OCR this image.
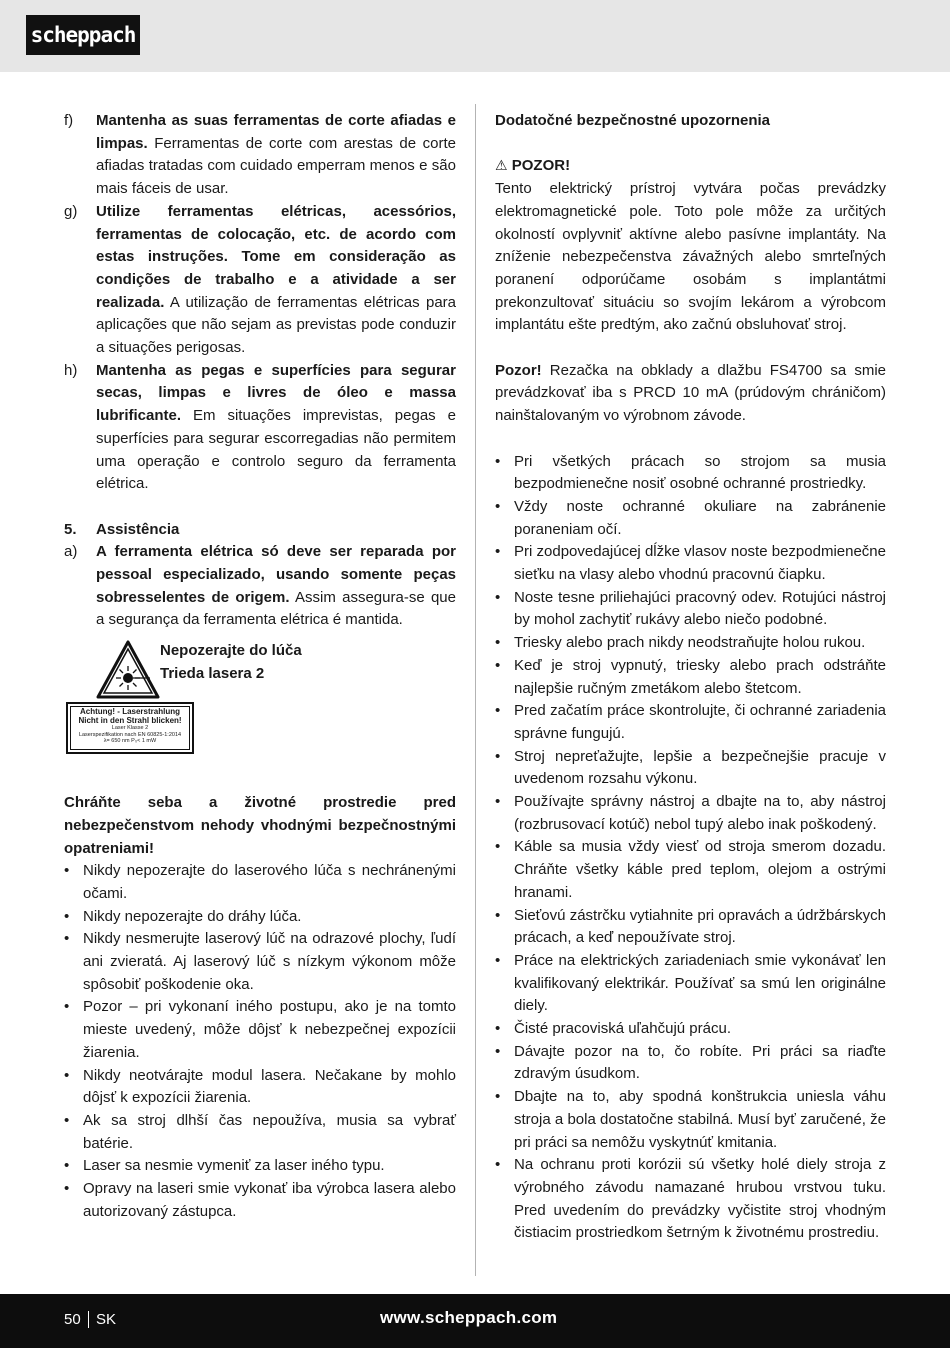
scheppach
f)	Mantenha as suas ferramentas de corte afiadas e limpas. Ferramentas de corte com arestas de corte afiadas tratadas com cuidado emperram menos e são mais fáceis de usar.
g)	Utilize ferramentas elétricas, acessórios, ferramentas de colocação, etc. de acordo com estas instruções. Tome em consideração as condições de trabalho e a atividade a ser realizada. A utilização de ferramentas elétricas para aplicações que não sejam as previstas pode conduzir a situações perigosas.
h)	Mantenha as pegas e superfícies para segurar secas, limpas e livres de óleo e massa lubrificante. Em situações imprevistas, pegas e superfícies para segurar escorregadias não permitem uma operação e controlo seguro da ferramenta elétrica.
5.	Assistência
a)	A ferramenta elétrica só deve ser reparada por pessoal especializado, usando somente peças sobresselentes de origem. Assim assegura-se que a segurança da ferramenta elétrica é mantida.
Nepozerajte do lúča
Trieda lasera 2
Achtung! - Laserstrahlung
Nicht in den Strahl blicken!
Laser Klasse 2
Laserspezifikation nach EN 60825-1:2014
λ= 650 nm P₀< 1 mW
Chráňte seba a životné prostredie pred nebezpečenstvom nehody vhodnými bezpečnostnými opatreniami!
• Nikdy nepozerajte do laserového lúča s nechránenými očami.
• Nikdy nepozerajte do dráhy lúča.
• Nikdy nesmerujte laserový lúč na odrazové plochy, ľudí ani zvieratá. Aj laserový lúč s nízkym výkonom môže spôsobiť poškodenie oka.
• Pozor – pri vykonaní iného postupu, ako je na tomto mieste uvedený, môže dôjsť k nebezpečnej expozícii žiarenia.
• Nikdy neotvárajte modul lasera. Nečakane by mohlo dôjsť k expozícii žiarenia.
• Ak sa stroj dlhší čas nepoužíva, musia sa vybrať batérie.
• Laser sa nesmie vymeniť za laser iného typu.
• Opravy na laseri smie vykonať iba výrobca lasera alebo autorizovaný zástupca.
Dodatočné bezpečnostné upozornenia
⚠ POZOR!
Tento elektrický prístroj vytvára počas prevádzky elektromagnetické pole. Toto pole môže za určitých okolností ovplyvniť aktívne alebo pasívne implantáty. Na zníženie nebezpečenstva závažných alebo smrteľných poranení odporúčame osobám s implantátmi prekonzultovať situáciu so svojím lekárom a výrobcom implantátu ešte predtým, ako začnú obsluhovať stroj.
Pozor! Rezačka na obklady a dlažbu FS4700 sa smie prevádzkovať iba s PRCD 10 mA (prúdovým chráničom) nainštalovaným vo výrobnom závode.
• Pri všetkých prácach so strojom sa musia bezpodmienečne nosiť osobné ochranné prostriedky.
• Vždy noste ochranné okuliare na zabránenie poraneniam očí.
• Pri zodpovedajúcej dĺžke vlasov noste bezpodmienečne sieťku na vlasy alebo vhodnú pracovnú čiapku.
• Noste tesne priliehajúci pracovný odev. Rotujúci nástroj by mohol zachytiť rukávy alebo niečo podobné.
• Triesky alebo prach nikdy neodstraňujte holou rukou.
• Keď je stroj vypnutý, triesky alebo prach odstráňte najlepšie ručným zmetákom alebo štetcom.
• Pred začatím práce skontrolujte, či ochranné zariadenia správne fungujú.
• Stroj nepreťažujte, lepšie a bezpečnejšie pracuje v uvedenom rozsahu výkonu.
• Používajte správny nástroj a dbajte na to, aby nástroj (rozbrusovací kotúč) nebol tupý alebo inak poškodený.
• Káble sa musia vždy viesť od stroja smerom dozadu. Chráňte všetky káble pred teplom, olejom a ostrými hranami.
• Sieťovú zástrčku vytiahnite pri opravách a údržbárskych prácach, a keď nepoužívate stroj.
• Práce na elektrických zariadeniach smie vykonávať len kvalifikovaný elektrikár. Používať sa smú len originálne diely.
• Čisté pracoviská uľahčujú prácu.
• Dávajte pozor na to, čo robíte. Pri práci sa riaďte zdravým úsudkom.
• Dbajte na to, aby spodná konštrukcia uniesla váhu stroja a bola dostatočne stabilná. Musí byť zaručené, že pri práci sa nemôžu vyskytnúť kmitania.
• Na ochranu proti korózii sú všetky holé diely stroja z výrobného závodu namazané hrubou vrstvou tuku. Pred uvedením do prevádzky vyčistite stroj vhodným čistiacim prostriedkom šetrným k životnému prostrediu.
50 SK	www.scheppach.com
